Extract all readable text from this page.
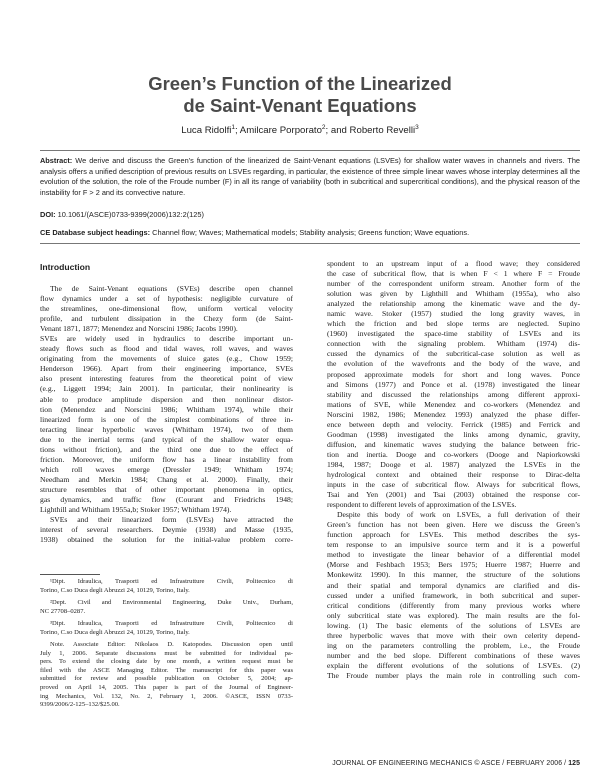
Green’s Function of the Linearized
de Saint-Venant Equations
Luca Ridolfi$^1$; Amilcare Porporato$^2$; and Roberto Revelli$^3$
Abstract: We derive and discuss the Green’s function of the linearized de Saint-Venant equations (LSVEs) for shallow water waves in channels and rivers. The analysis offers a unified description of previous results on LSVEs regarding, in particular, the existence of three simple linear waves whose interplay determines all the evolution of the solution, the role of the Froude number (F) in all its range of variability (both in subcritical and supercritical conditions), and the physical reason of the instability for F > 2 and its convective nature.
DOI: 10.1061/(ASCE)0733-9399(2006)132:2(125)
CE Database subject headings: Channel flow; Waves; Mathematical models; Stability analysis; Greens function; Wave equations.
Introduction
The de Saint-Venant equations (SVEs) describe open channel
flow dynamics under a set of hypothesis: negligible curvature of
the streamlines, one-dimensional flow, uniform vertical velocity
profile, and turbulent dissipation in the Chezy form (de Saint-
Venant 1871, 1877; Menendez and Norscini 1986; Jacobs 1990).
SVEs are widely used in hydraulics to describe important un-
steady flows such as flood and tidal waves, roll waves, and waves
originating from the movements of sluice gates (e.g., Chow 1959;
Henderson 1966). Apart from their engineering importance, SVEs
also present interesting features from the theoretical point of view
(e.g., Liggett 1994; Jain 2001). In particular, their nonlinearity is
able to produce amplitude dispersion and then nonlinear distor-
tion (Menendez and Norscini 1986; Whitham 1974), while their
linearized form is one of the simplest combinations of three in-
teracting linear hyperbolic waves (Whitham 1974), two of them
due to the inertial terms (and typical of the shallow water equa-
tions without friction), and the third one due to the effect of
friction. Moreover, the uniform flow has a linear instability from
which roll waves emerge (Dressler 1949; Whitham 1974;
Needham and Merkin 1984; Chang et al. 2000). Finally, their
structure resembles that of other important phenomena in optics,
gas dynamics, and traffic flow (Courant and Friedrichs 1948;
Lighthill and Whitham 1955a,b; Stoker 1957; Whitham 1974).
SVEs and their linearized form (LSVEs) have attracted the
interest of several researchers. Deymie (1938) and Masse (1935,
1938) obtained the solution for the initial-value problem corre-
spondent to an upstream input of a flood wave; they considered
the case of subcritical flow, that is when F < 1 where F = Froude
number of the correspondent uniform stream. Another form of the
solution was given by Lighthill and Whitham (1955a), who also
analyzed the relationship among the kinematic wave and the dy-
namic wave. Stoker (1957) studied the long gravity waves, in
which the friction and bed slope terms are neglected. Supino
(1960) investigated the space-time stability of LSVEs and its
connection with the signaling problem. Whitham (1974) dis-
cussed the dynamics of the subcritical-case solution as well as
the evolution of the wavefronts and the body of the wave, and
proposed approximate models for short and long waves. Ponce
and Simons (1977) and Ponce et al. (1978) investigated the linear
stability and discussed the relationships among different approxi-
mations of SVE, while Menendez and co-workers (Menendez and
Norscini 1982, 1986; Menendez 1993) analyzed the phase differ-
ence between depth and velocity. Ferrick (1985) and Ferrick and
Goodman (1998) investigated the links among dynamic, gravity,
diffusion, and kinematic waves studying the balance between fric-
tion and inertia. Dooge and co-workers (Dooge and Napiorkowski
1984, 1987; Dooge et al. 1987) analyzed the LSVEs in the
hydrological context and obtained their response to Dirac-delta
inputs in the case of subcritical flow. Always for subcritical flows,
Tsai and Yen (2001) and Tsai (2003) obtained the response cor-
respondent to different levels of approximation of the LSVEs.
Despite this body of work on LSVEs, a full derivation of their
Green’s function has not been given. Here we discuss the Green’s
function approach for LSVEs. This method describes the sys-
tem response to an impulsive source term and it is a powerful
method to investigate the linear behavior of a differential model
(Morse and Feshbach 1953; Bers 1975; Huerre 1987; Huerre and
Monkewitz 1990). In this manner, the structure of the solutions
and their spatial and temporal dynamics are clarified and dis-
cussed under a unified framework, in both subcritical and super-
critical conditions (differently from many previous works where
only subcritical state was explored). The main results are the fol-
lowing. (1) The basic elements of the solutions of LSVEs are
three hyperbolic waves that move with their own celerity depend-
ing on the parameters controlling the problem, i.e., the Froude
number and the bed slope. Different combinations of these waves
explain the different evolutions of the solutions of LSVEs. (2)
The Froude number plays the main role in controlling such com-
¹Dipt. Idraulica, Trasporti ed Infrastrutture Civili, Politecnico di
Torino, C.so Duca degli Abruzzi 24, 10129, Torino, Italy.
²Dept. Civil and Environmental Engineering, Duke Univ., Durham,
NC 27708–0287.
³Dipt. Idraulica, Trasporti ed Infrastrutture Civili, Politecnico di
Torino, C.so Duca degli Abruzzi 24, 10129, Torino, Italy.
Note. Associate Editor: Nikolaos D. Katopodes. Discussion open until
July 1, 2006. Separate discussions must be submitted for individual pa-
pers. To extend the closing date by one month, a written request must be
filed with the ASCE Managing Editor. The manuscript for this paper was
submitted for review and possible publication on October 5, 2004; ap-
proved on April 14, 2005. This paper is part of the Journal of Engineer-
ing Mechanics, Vol. 132, No. 2, February 1, 2006. ©ASCE, ISSN 0733-
9399/2006/2-125–132/$25.00.
JOURNAL OF ENGINEERING MECHANICS © ASCE / FEBRUARY 2006 / 125
